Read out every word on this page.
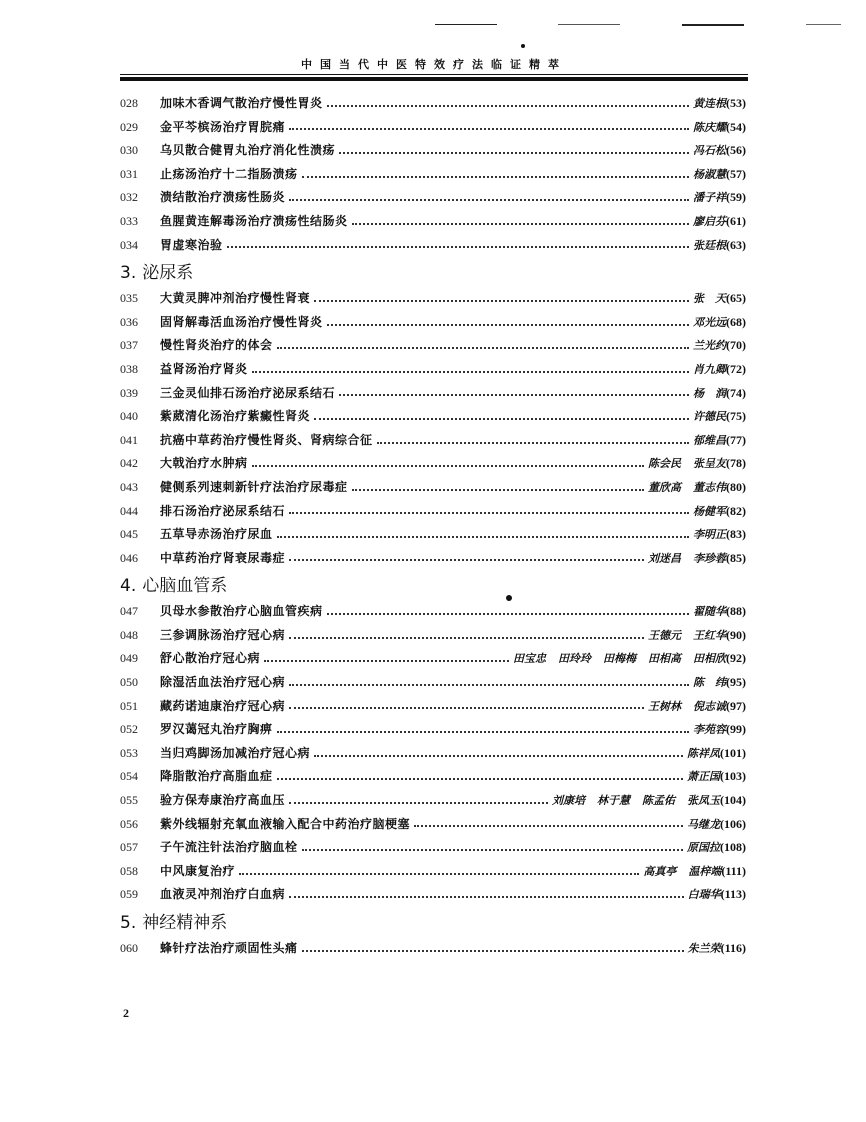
中国当代中医特效疗法临证精萃
028	加味木香调气散治疗慢性胃炎	黄连根 (53)
029	金平芩槟汤治疗胃脘痛	陈庆耀 (54)
030	乌贝散合健胃丸治疗消化性溃疡	冯石松 (56)
031	止疡汤治疗十二指肠溃疡	杨淑慧 (57)
032	溃结散治疗溃疡性肠炎	潘子祥 (59)
033	鱼腥黄连解毒汤治疗溃疡性结肠炎	廖启芬 (61)
034	胃虚寒治验	张廷根 (63)
3. 泌尿系
035	大黄灵脾冲剂治疗慢性肾衰	张　天 (65)
036	固肾解毒活血汤治疗慢性肾炎	邓光远 (68)
037	慢性肾炎治疗的体会	兰光约 (70)
038	益肾汤治疗肾炎	肖九卿 (72)
039	三金灵仙排石汤治疗泌尿系结石	杨　润 (74)
040	紫葳清化汤治疗紫癜性肾炎	许德民 (75)
041	抗癌中草药治疗慢性肾炎、肾病综合征	郁维昌 (77)
042	大戟治疗水肿病	陈会民 张呈友 (78)
043	健侧系列速刺新针疗法治疗尿毒症	董欣高 董志伟 (80)
044	排石汤治疗泌尿系结石	杨健军 (82)
045	五草导赤汤治疗尿血	李明正 (83)
046	中草药治疗肾衰尿毒症	刘迷昌 李珍蓉 (85)
4. 心脑血管系
047	贝母水参散治疗心脑血管疾病	翟随华 (88)
048	三参调脉汤治疗冠心病	王德元 王红华 (90)
049	舒心散治疗冠心病	田宝忠 田玲玲 田梅梅 田相高 田相欣 (92)
050	除湿活血法治疗冠心病	陈　纬 (95)
051	藏药诺迪康治疗冠心病	王树林 倪志诚 (97)
052	罗汉蔼冠丸治疗胸痹	李苑容 (99)
053	当归鸡脚汤加减治疗冠心病	陈祥凤 (101)
054	降脂散治疗高脂血症	萧正国 (103)
055	验方保寿康治疗高血压	刘康培 林于慧 陈孟佑 张凤玉 (104)
056	紫外线辐射充氧血液输入配合中药治疗脑梗塞	马继龙 (106)
057	子午流注针法治疗脑血栓	原国拉 (108)
058	中风康复治疗	高真亭 温梓端 (111)
059	血液灵冲剂治疗白血病	白瑞华 (113)
5. 神经精神系
060	蜂针疗法治疗顽固性头痛	朱兰荣 (116)
2
